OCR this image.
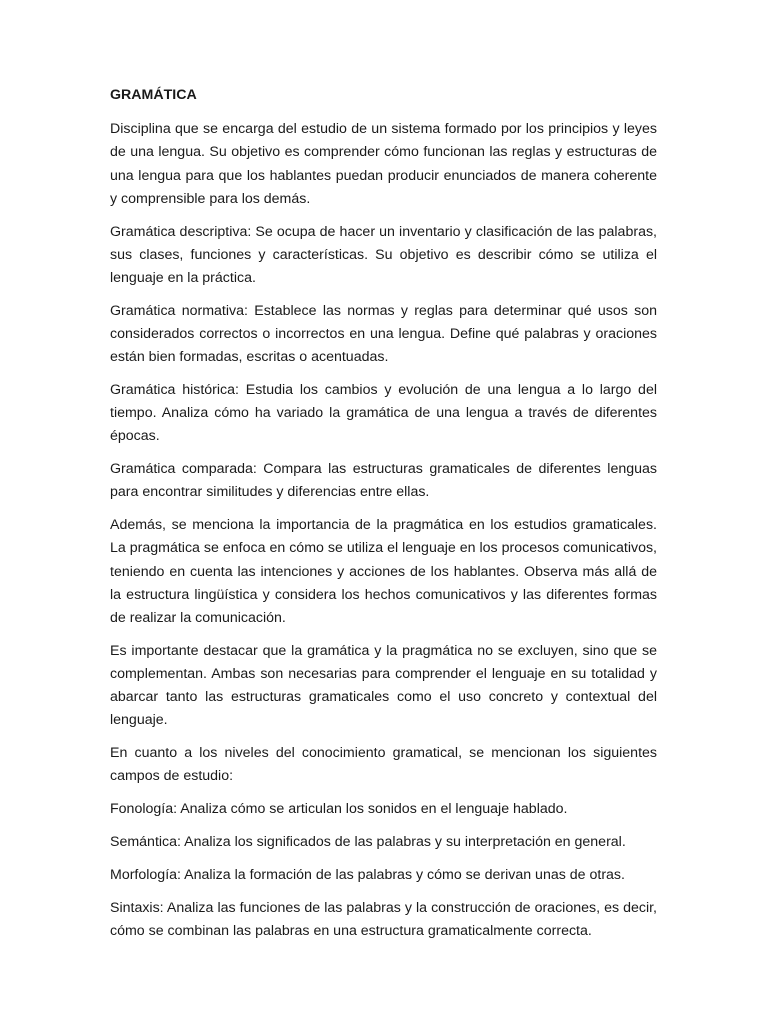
GRAMÁTICA

Disciplina que se encarga del estudio de un sistema formado por los principios y leyes de una lengua. Su objetivo es comprender cómo funcionan las reglas y estructuras de una lengua para que los hablantes puedan producir enunciados de manera coherente y comprensible para los demás.

Gramática descriptiva: Se ocupa de hacer un inventario y clasificación de las palabras, sus clases, funciones y características. Su objetivo es describir cómo se utiliza el lenguaje en la práctica.

Gramática normativa: Establece las normas y reglas para determinar qué usos son considerados correctos o incorrectos en una lengua. Define qué palabras y oraciones están bien formadas, escritas o acentuadas.

Gramática histórica: Estudia los cambios y evolución de una lengua a lo largo del tiempo. Analiza cómo ha variado la gramática de una lengua a través de diferentes épocas.

Gramática comparada: Compara las estructuras gramaticales de diferentes lenguas para encontrar similitudes y diferencias entre ellas.

Además, se menciona la importancia de la pragmática en los estudios gramaticales. La pragmática se enfoca en cómo se utiliza el lenguaje en los procesos comunicativos, teniendo en cuenta las intenciones y acciones de los hablantes. Observa más allá de la estructura lingüística y considera los hechos comunicativos y las diferentes formas de realizar la comunicación.

Es importante destacar que la gramática y la pragmática no se excluyen, sino que se complementan. Ambas son necesarias para comprender el lenguaje en su totalidad y abarcar tanto las estructuras gramaticales como el uso concreto y contextual del lenguaje.

En cuanto a los niveles del conocimiento gramatical, se mencionan los siguientes campos de estudio:

Fonología: Analiza cómo se articulan los sonidos en el lenguaje hablado.

Semántica: Analiza los significados de las palabras y su interpretación en general.

Morfología: Analiza la formación de las palabras y cómo se derivan unas de otras.

Sintaxis: Analiza las funciones de las palabras y la construcción de oraciones, es decir, cómo se combinan las palabras en una estructura gramaticalmente correcta.
